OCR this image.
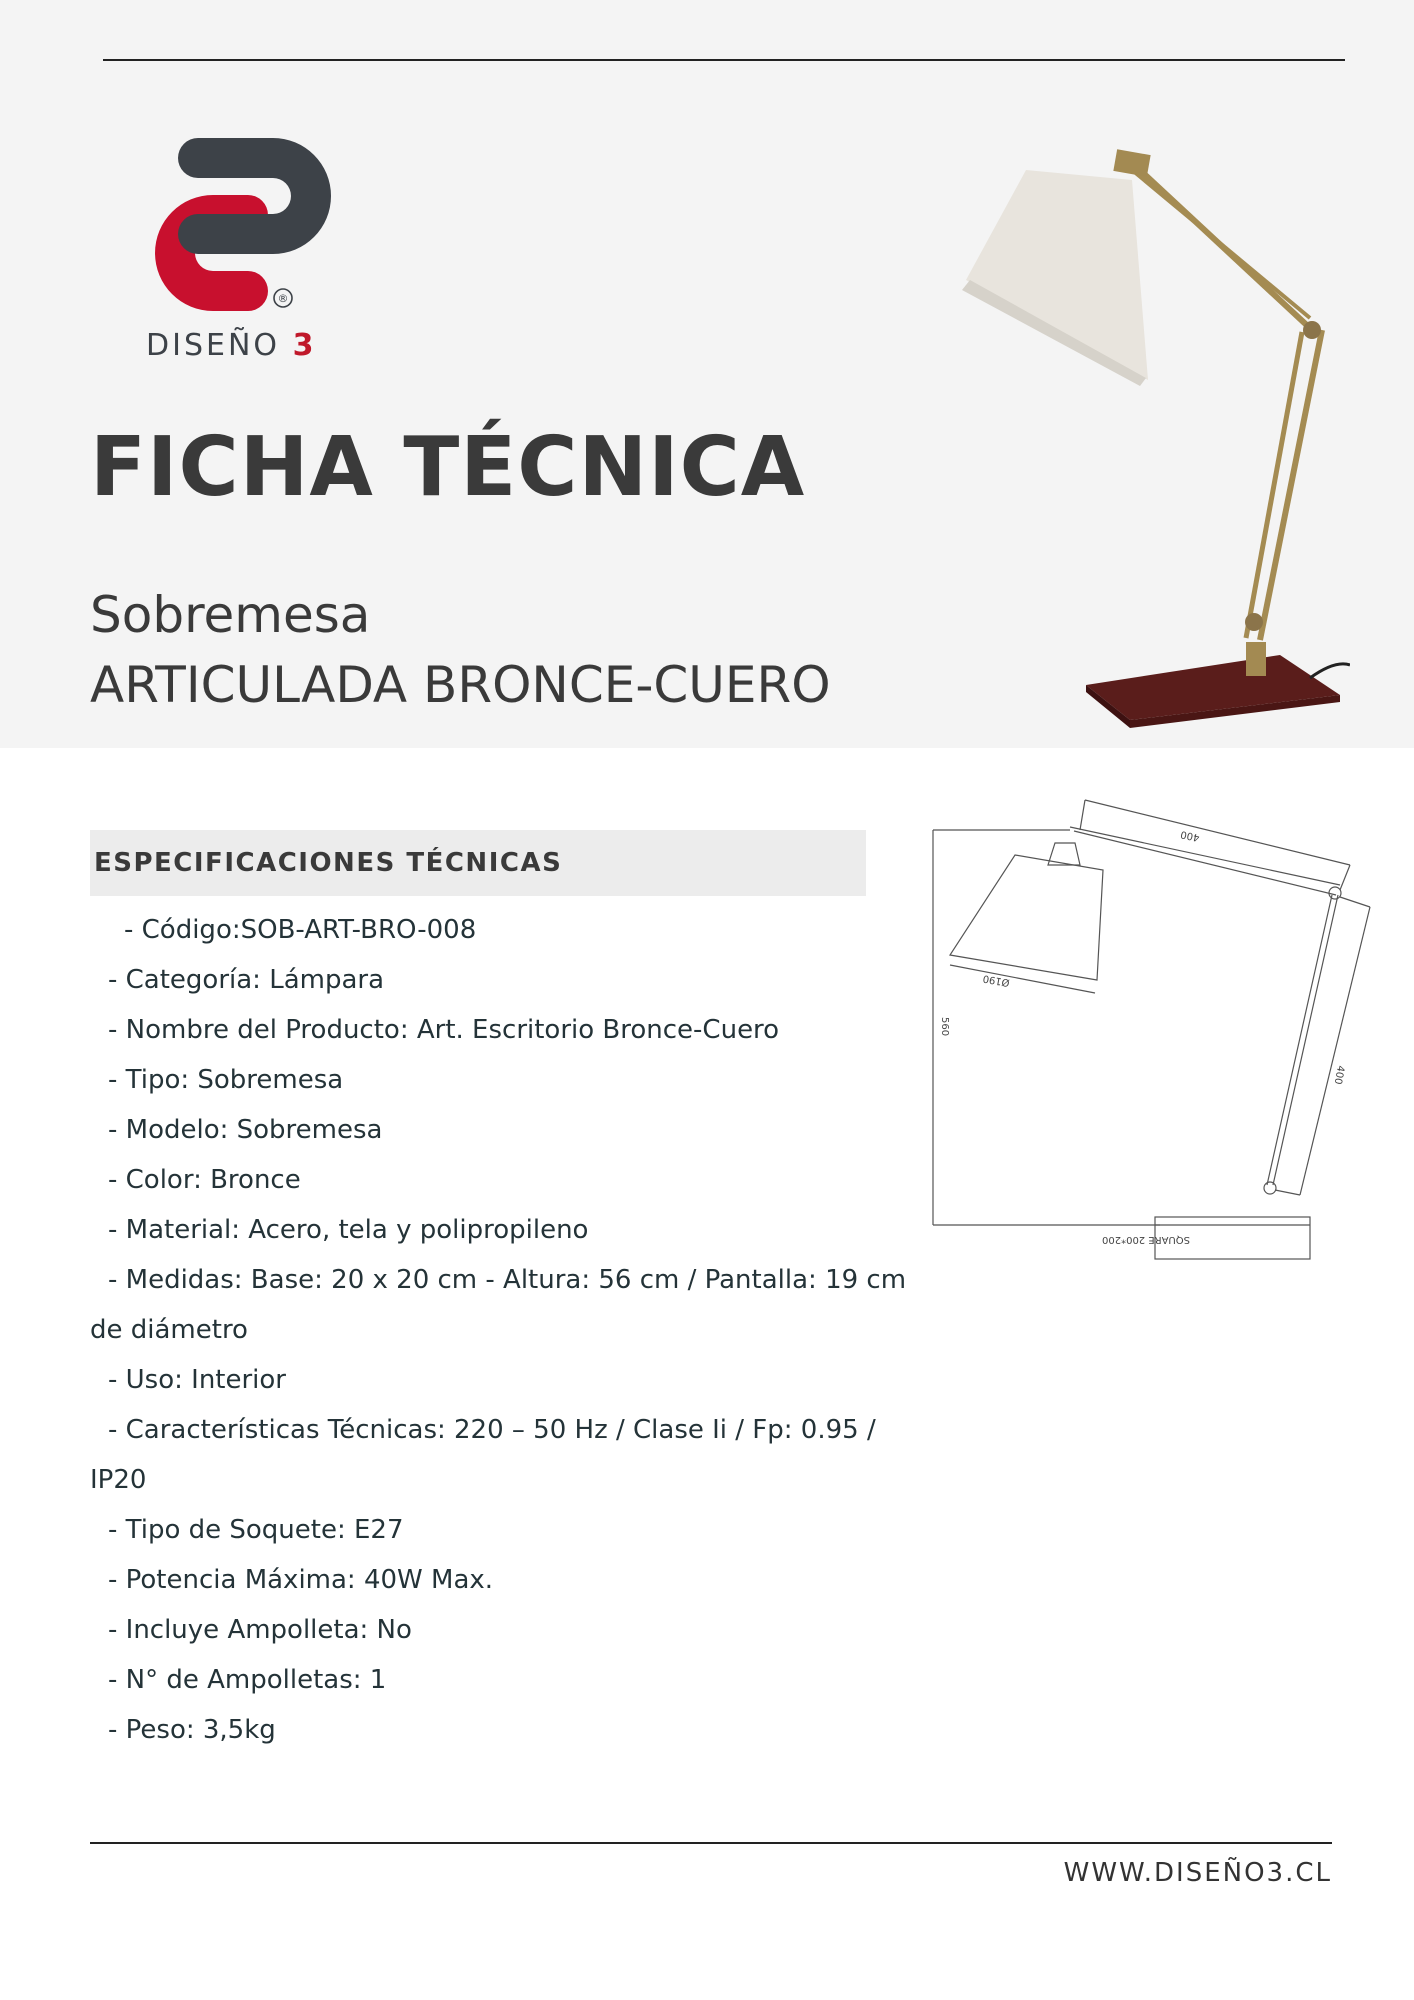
®
DISEÑO 3
FICHA TÉCNICA
Sobremesa
ARTICULADA BRONCE-CUERO
ESPECIFICACIONES TÉCNICAS
- Código:SOB-ART-BRO-008
- Categoría: Lámpara
- Nombre del Producto: Art. Escritorio Bronce-Cuero
- Tipo: Sobremesa
- Modelo: Sobremesa
- Color: Bronce
- Material: Acero, tela y polipropileno
- Medidas: Base: 20 x 20 cm - Altura: 56 cm / Pantalla: 19 cm
de diámetro
- Uso: Interior
- Características Técnicas: 220 – 50 Hz / Clase Ii / Fp: 0.95 /
IP20
- Tipo de Soquete: E27
- Potencia Máxima: 40W Max.
- Incluye Ampolleta: No
- N° de Ampolletas: 1
- Peso: 3,5kg
400
Ø190
560
400
SQUARE 200*200
WWW.DISEÑO3.CL
